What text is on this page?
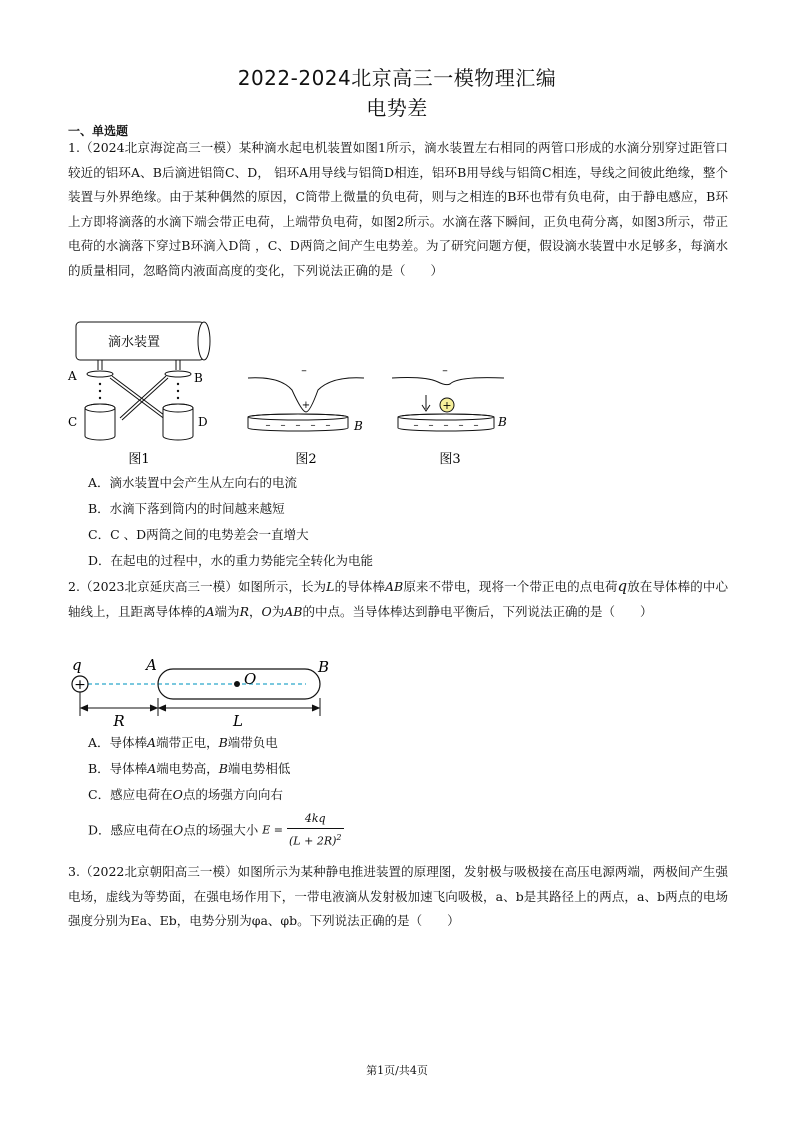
2022-2024北京高三一模物理汇编
电势差
一、单选题
1.（2024北京海淀高三一模）某种滴水起电机装置如图1所示，滴水装置左右相同的两管口形成的水滴分别穿过距管口较近的铝环A、B后滴进铝筒C、D， 铝环A用导线与铝筒D相连，铝环B用导线与铝筒C相连，导线之间彼此绝缘，整个装置与外界绝缘。由于某种偶然的原因，C筒带上微量的负电荷，则与之相连的B环也带有负电荷，由于静电感应，B环上方即将滴落的水滴下端会带正电荷，上端带负电荷，如图2所示。水滴在落下瞬间，正负电荷分离，如图3所示，带正电荷的水滴落下穿过B环滴入D筒 ，C、D两筒之间产生电势差。为了研究问题方便，假设滴水装置中水足够多，每滴水的质量相同，忽略筒内液面高度的变化，下列说法正确的是（　　）
滴水装置
A	B
C	D
图1
–
+
–　–　–　–　– B
图2
–
+
–　–　–　–　– B
图3
A．滴水装置中会产生从左向右的电流
B．水滴下落到筒内的时间越来越短
C．C 、D两筒之间的电势差会一直增大
D．在起电的过程中，水的重力势能完全转化为电能
2.（2023北京延庆高三一模）如图所示，长为L的导体棒AB原来不带电，现将一个带正电的点电荷q放在导体棒的中心轴线上，且距离导体棒的A端为R，O为AB的中点。当导体棒达到静电平衡后，下列说法正确的是（　　）
q	A	B
+	O
R	L
A．导体棒A端带正电，B端带负电
B．导体棒A端电势高，B端电势相低
C．感应电荷在O点的场强方向向右
D．感应电荷在O点的场强大小 $E = \frac{4kq}{(L + 2R)^2}$
3.（2022北京朝阳高三一模）如图所示为某种静电推进装置的原理图，发射极与吸极接在高压电源两端，两极间产生强电场，虚线为等势面，在强电场作用下，一带电液滴从发射极加速飞向吸极，a、b是其路径上的两点，a、b两点的电场强度分别为Ea、Eb，电势分别为φa、φb。下列说法正确的是（　　）
第1页/共4页
